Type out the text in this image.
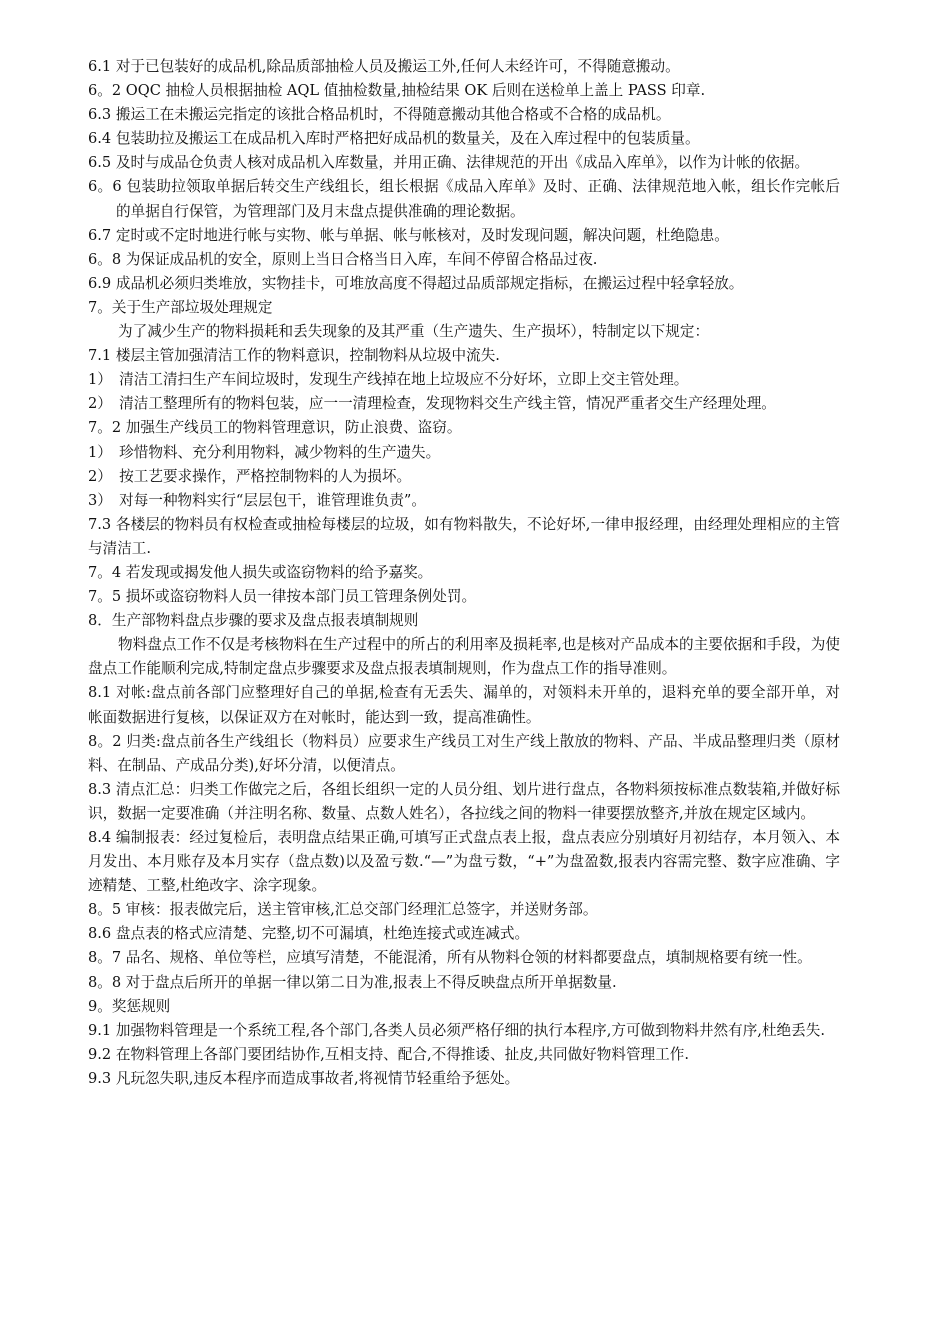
6.1 对于已包装好的成品机,除品质部抽检人员及搬运工外,任何人未经许可，不得随意搬动。

6。2 OQC 抽检人员根据抽检 AQL 值抽检数量,抽检结果 OK 后则在送检单上盖上 PASS 印章.

6.3 搬运工在未搬运完指定的该批合格品机时，不得随意搬动其他合格或不合格的成品机。

6.4 包装助拉及搬运工在成品机入库时严格把好成品机的数量关，及在入库过程中的包装质量。

6.5 及时与成品仓负责人核对成品机入库数量，并用正确、法律规范的开出《成品入库单》，以作为计帐的依据。

6。6 包装助拉领取单据后转交生产线组长，组长根据《成品入库单》及时、正确、法律规范地入帐，组长作完帐后的单据自行保管，为管理部门及月末盘点提供准确的理论数据。

6.7 定时或不定时地进行帐与实物、帐与单据、帐与帐核对，及时发现问题，解决问题，杜绝隐患。

6。8 为保证成品机的安全，原则上当日合格当日入库，车间不停留合格品过夜.

6.9 成品机必须归类堆放，实物挂卡，可堆放高度不得超过品质部规定指标，在搬运过程中轻拿轻放。

7。关于生产部垃圾处理规定

为了减少生产的物料损耗和丢失现象的及其严重（生产遗失、生产损坏），特制定以下规定：

7.1 楼层主管加强清洁工作的物料意识，控制物料从垃圾中流失.

1）　清洁工清扫生产车间垃圾时，发现生产线掉在地上垃圾应不分好坏，立即上交主管处理。

2）　清洁工整理所有的物料包装，应一一清理检查，发现物料交生产线主管，情况严重者交生产经理处理。

7。2 加强生产线员工的物料管理意识，防止浪费、盗窃。

1）　珍惜物料、充分利用物料，减少物料的生产遗失。

2）　按工艺要求操作，严格控制物料的人为损坏。

3）　对每一种物料实行“层层包干，谁管理谁负责”。

7.3 各楼层的物料员有权检查或抽检每楼层的垃圾，如有物料散失，不论好坏,一律申报经理，由经理处理相应的主管与清洁工.

7。4 若发现或揭发他人损失或盗窃物料的给予嘉奖。

7。5 损坏或盗窃物料人员一律按本部门员工管理条例处罚。

8．生产部物料盘点步骤的要求及盘点报表填制规则

物料盘点工作不仅是考核物料在生产过程中的所占的利用率及损耗率,也是核对产品成本的主要依据和手段，为使盘点工作能顺利完成,特制定盘点步骤要求及盘点报表填制规则，作为盘点工作的指导准则。

8.1 对帐:盘点前各部门应整理好自己的单据,检查有无丢失、漏单的，对领料未开单的，退料充单的要全部开单，对帐面数据进行复核，以保证双方在对帐时，能达到一致，提高准确性。

8。2 归类:盘点前各生产线组长（物料员）应要求生产线员工对生产线上散放的物料、产品、半成品整理归类（原材料、在制品、产成品分类),好坏分清，以便清点。

8.3 清点汇总：归类工作做完之后，各组长组织一定的人员分组、划片进行盘点，各物料须按标准点数装箱,并做好标识，数据一定要准确（并注明名称、数量、点数人姓名），各拉线之间的物料一律要摆放整齐,并放在规定区域内。

8.4 编制报表：经过复检后，表明盘点结果正确,可填写正式盘点表上报，盘点表应分别填好月初结存，本月领入、本月发出、本月账存及本月实存（盘点数)以及盈亏数.“—”为盘亏数，“+”为盘盈数,报表内容需完整、数字应准确、字迹精楚、工整,杜绝改字、涂字现象。

8。5 审核：报表做完后，送主管审核,汇总交部门经理汇总签字，并送财务部。

8.6 盘点表的格式应清楚、完整,切不可漏填，杜绝连接式或连减式。

8。7 品名、规格、单位等栏，应填写清楚，不能混淆，所有从物料仓领的材料都要盘点，填制规格要有统一性。

8。8 对于盘点后所开的单据一律以第二日为准,报表上不得反映盘点所开单据数量.

9。奖惩规则

9.1 加强物料管理是一个系统工程,各个部门,各类人员必须严格仔细的执行本程序,方可做到物料井然有序,杜绝丢失.

9.2 在物料管理上各部门要团结协作,互相支持、配合,不得推诿、扯皮,共同做好物料管理工作.

9.3 凡玩忽失职,违反本程序而造成事故者,将视情节轻重给予惩处。
